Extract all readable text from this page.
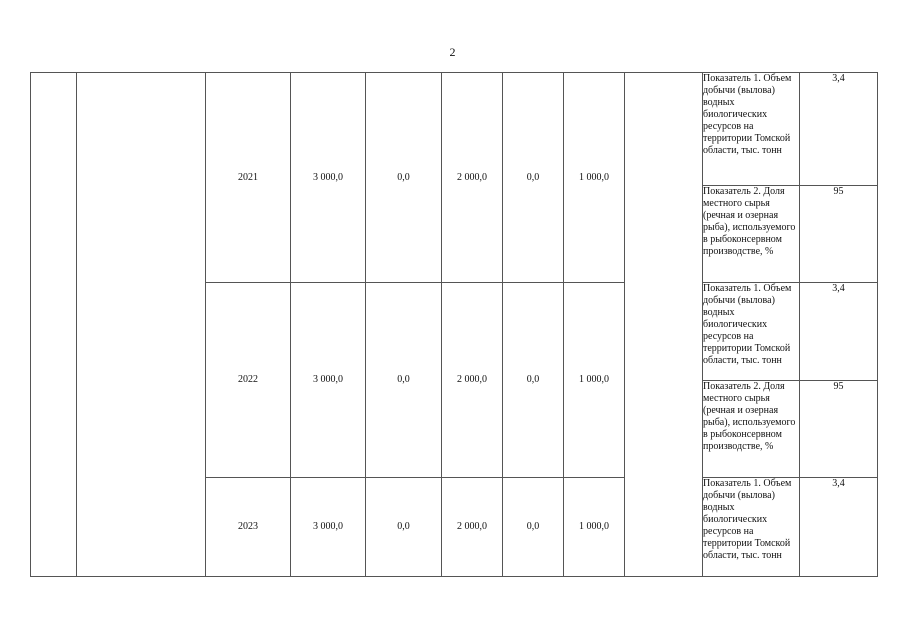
2
		2021	3 000,0	0,0	2 000,0	0,0	1 000,0		Показатель 1. Объем добычи (вылова) водных биологических ресурсов на территории Томской области, тыс. тонн	3,4
									Показатель 2. Доля местного сырья (речная и озерная рыба), используемого в рыбоконсервном производстве, %	95
		2022	3 000,0	0,0	2 000,0	0,0	1 000,0		Показатель 1. Объем добычи (вылова) водных биологических ресурсов на территории Томской области, тыс. тонн	3,4
									Показатель 2. Доля местного сырья (речная и озерная рыба), используемого в рыбоконсервном производстве, %	95
		2023	3 000,0	0,0	2 000,0	0,0	1 000,0		Показатель 1. Объем добычи (вылова) водных биологических ресурсов на территории Томской области, тыс. тонн	3,4
